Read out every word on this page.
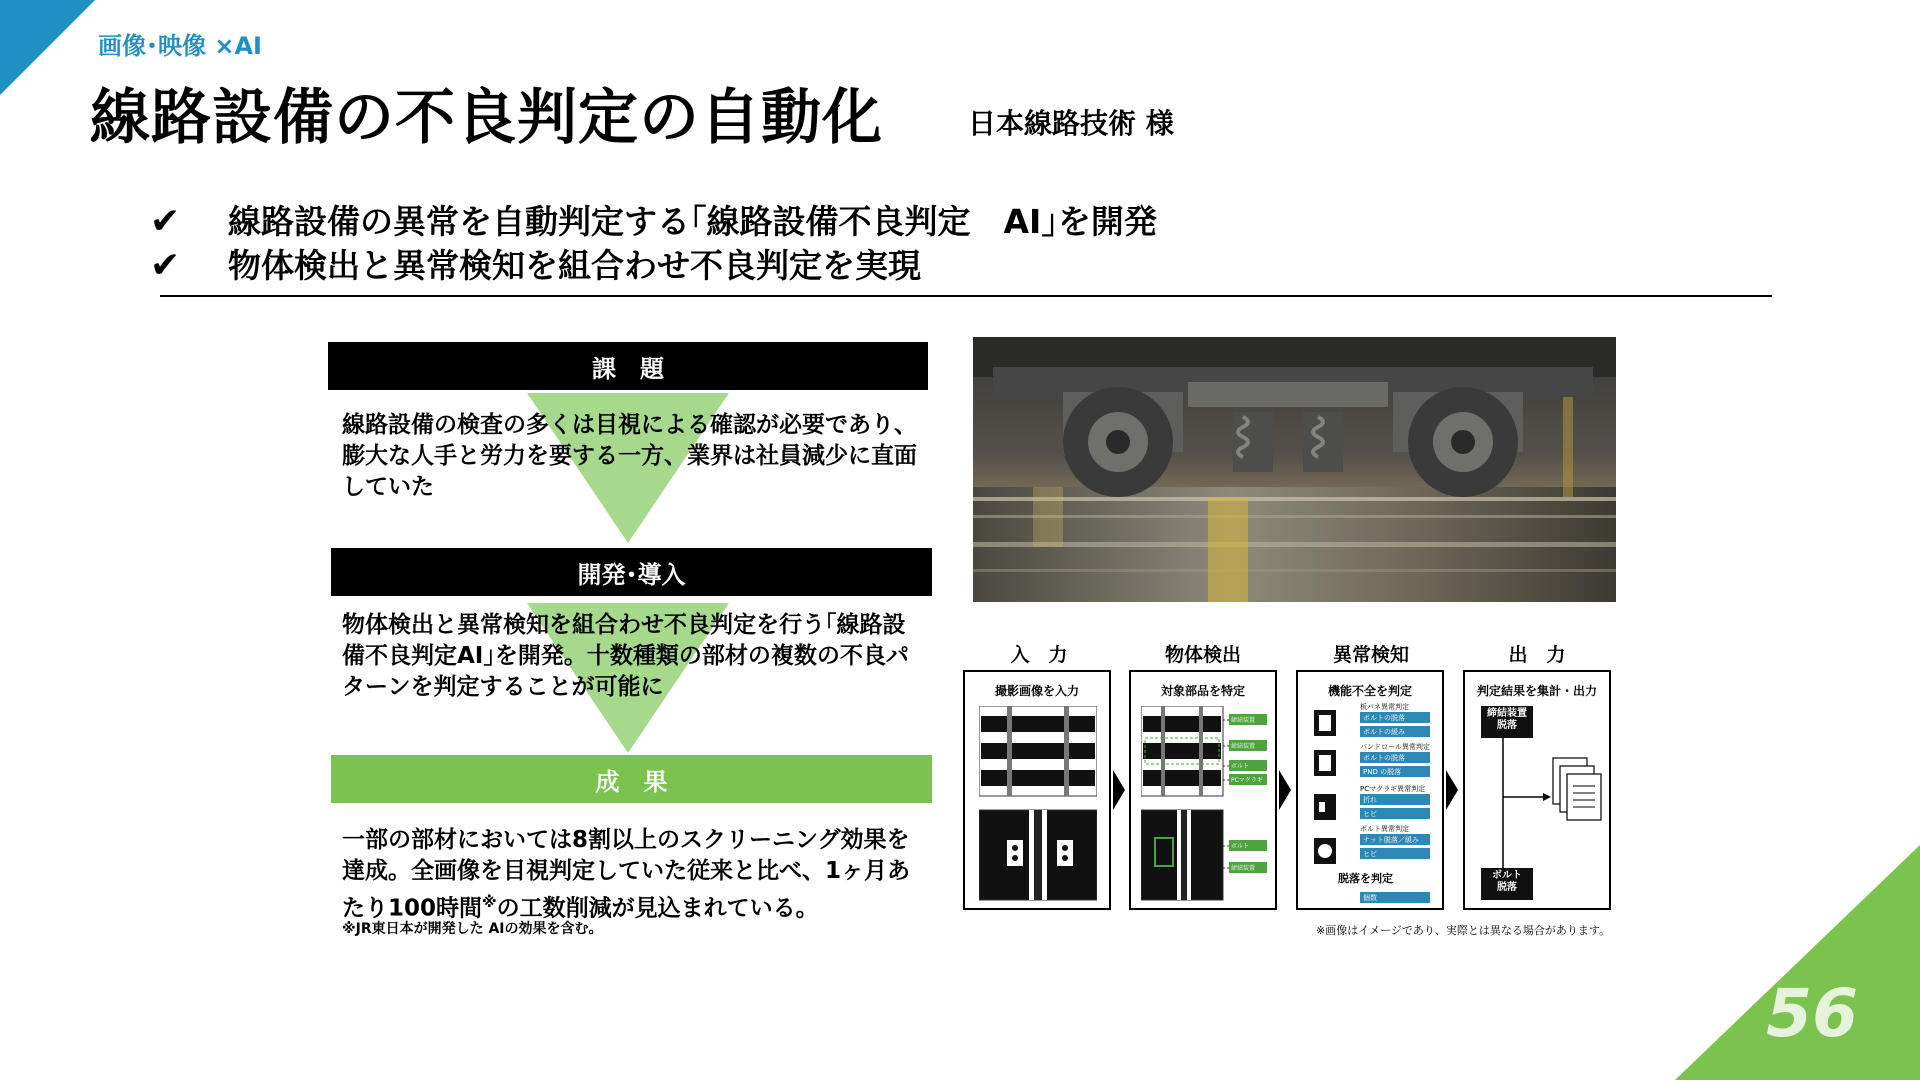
56
画像･映像 ×AI
線路設備の不良判定の自動化	日本線路技術 様
✔	線路設備の異常を自動判定する｢線路設備不良判定　AI｣を開発
✔	物体検出と異常検知を組合わせ不良判定を実現
課　題
線路設備の検査の多くは目視による確認が必要であり、膨大な人手と労力を要する一方、業界は社員減少に直面していた
開発･導入
物体検出と異常検知を組合わせ不良判定を行う｢線路設備不良判定AI｣を開発。十数種類の部材の複数の不良パターンを判定することが可能に
成　果
一部の部材においては8割以上のスクリーニング効果を達成。全画像を目視判定していた従来と比べ、1ヶ月あたり100時間※の工数削減が見込まれている。
※JR東日本が開発した AIの効果を含む。
入　力	物体検出	異常検知	出　力
撮影画像を入力	対象部品を特定
締結装置
締結装置
ボルト
PCマクラギ
ボルト
締結装置
機能不全を判定
板バネ異常判定
ボルトの脱落
ボルトの緩み
パンドロール異常判定
ボルトの脱落
PND の脱落
PCマクラギ異常判定
折れ
ヒビ
ボルト異常判定
ナット脱落／緩み
ヒビ
脱落を判定
個数
判定結果を集計・出力
締結装置
脱落
ボルト
脱落
※画像はイメージであり、実際とは異なる場合があります。
